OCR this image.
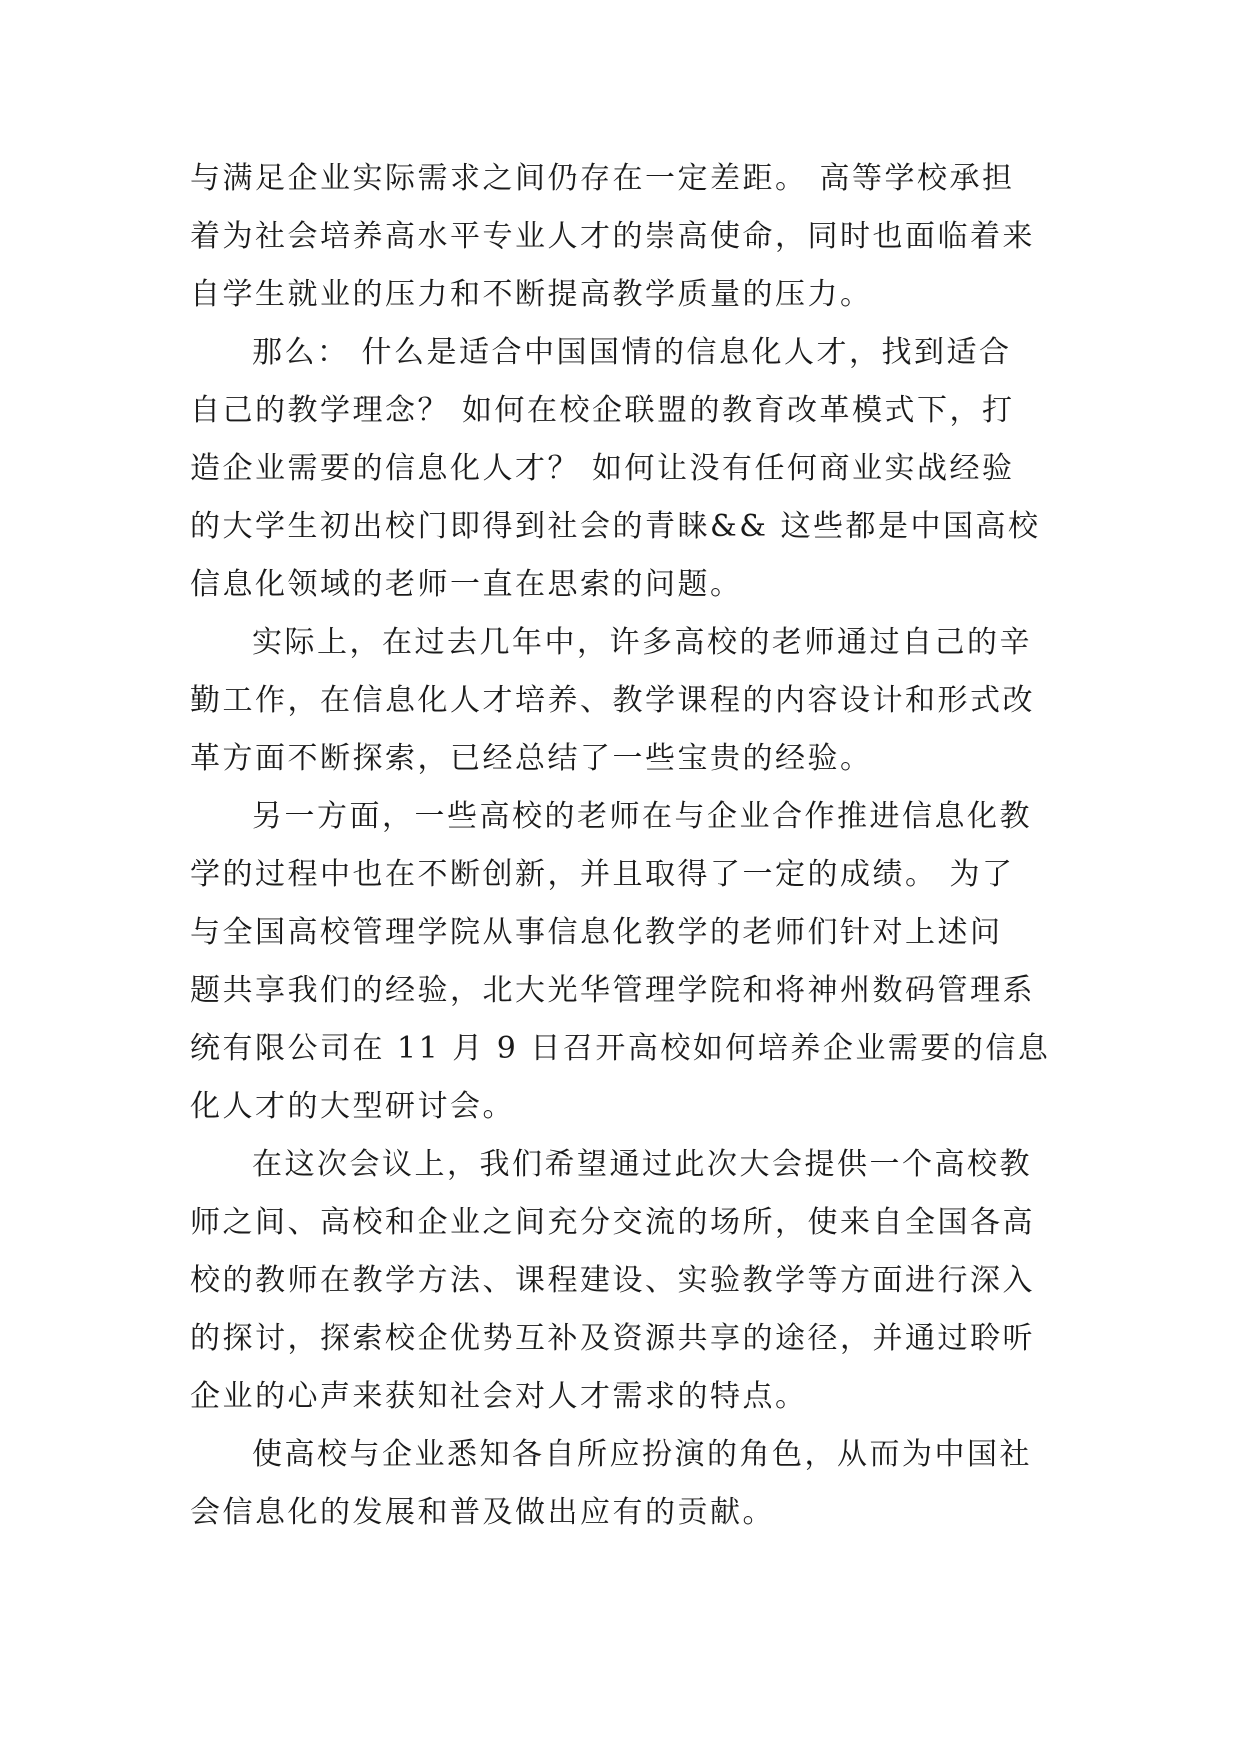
与满足企业实际需求之间仍存在一定差距。 高等学校承担
着为社会培养高水平专业人才的崇高使命，同时也面临着来
自学生就业的压力和不断提高教学质量的压力。
那么： 什么是适合中国国情的信息化人才，找到适合
自己的教学理念？ 如何在校企联盟的教育改革模式下，打
造企业需要的信息化人才？ 如何让没有任何商业实战经验
的大学生初出校门即得到社会的青睐&& 这些都是中国高校
信息化领域的老师一直在思索的问题。
实际上，在过去几年中，许多高校的老师通过自己的辛
勤工作，在信息化人才培养、教学课程的内容设计和形式改
革方面不断探索，已经总结了一些宝贵的经验。
另一方面，一些高校的老师在与企业合作推进信息化教
学的过程中也在不断创新，并且取得了一定的成绩。 为了
与全国高校管理学院从事信息化教学的老师们针对上述问
题共享我们的经验，北大光华管理学院和将神州数码管理系
统有限公司在 11 月 9 日召开高校如何培养企业需要的信息
化人才的大型研讨会。
在这次会议上，我们希望通过此次大会提供一个高校教
师之间、高校和企业之间充分交流的场所，使来自全国各高
校的教师在教学方法、课程建设、实验教学等方面进行深入
的探讨，探索校企优势互补及资源共享的途径，并通过聆听
企业的心声来获知社会对人才需求的特点。
使高校与企业悉知各自所应扮演的角色，从而为中国社
会信息化的发展和普及做出应有的贡献。
